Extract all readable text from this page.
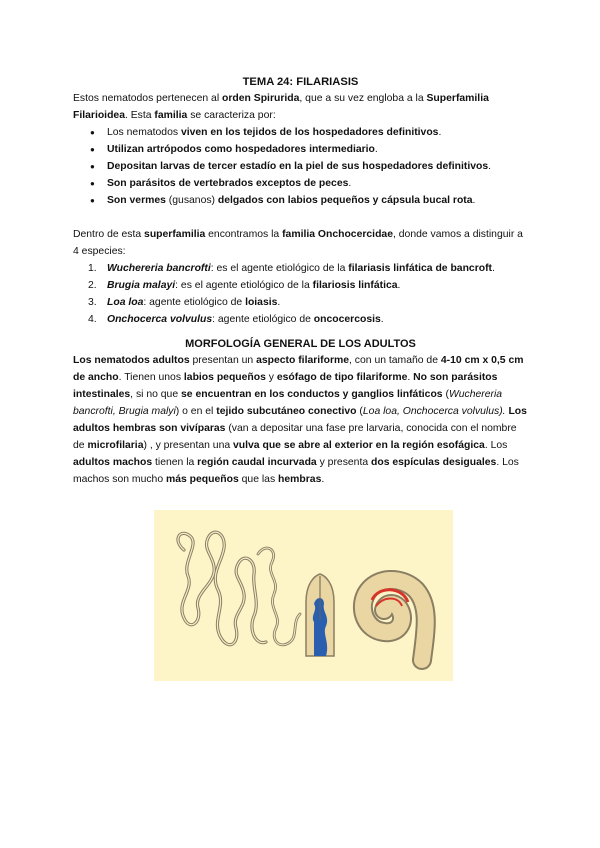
TEMA 24: FILARIASIS

Estos nematodos pertenecen al orden Spirurida, que a su vez engloba a la Superfamilia Filarioidea. Esta familia se caracteriza por:

● Los nematodos viven en los tejidos de los hospedadores definitivos.
● Utilizan artrópodos como hospedadores intermediario.
● Depositan larvas de tercer estadío en la piel de sus hospedadores definitivos.
● Son parásitos de vertebrados exceptos de peces.
● Son vermes (gusanos) delgados con labios pequeños y cápsula bucal rota.

Dentro de esta superfamilia encontramos la familia Onchocercidae, donde vamos a distinguir a 4 especies:

1. Wuchereria bancrofti: es el agente etiológico de la filariasis linfática de bancroft.
2. Brugia malayi: es el agente etiológico de la filariosis linfática.
3. Loa loa: agente etiológico de loiasis.
4. Onchocerca volvulus: agente etiológico de oncocercosis.
MORFOLOGÍA GENERAL DE LOS ADULTOS

Los nematodos adultos presentan un aspecto filariforme, con un tamaño de 4-10 cm x 0,5 cm de ancho. Tienen unos labios pequeños y esófago de tipo filariforme. No son parásitos intestinales, si no que se encuentran en los conductos y ganglios linfáticos (Wuchereria bancrofti, Brugia malyi) o en el tejido subcutáneo conectivo (Loa loa, Onchocerca volvulus). Los adultos hembras son vivíparas (van a depositar una fase pre larvaria, conocida con el nombre de microfilaria) , y presentan una vulva que se abre al exterior en la región esofágica. Los adultos machos tienen la región caudal incurvada y presenta dos espículas desiguales. Los machos son mucho más pequeños que las hembras.
